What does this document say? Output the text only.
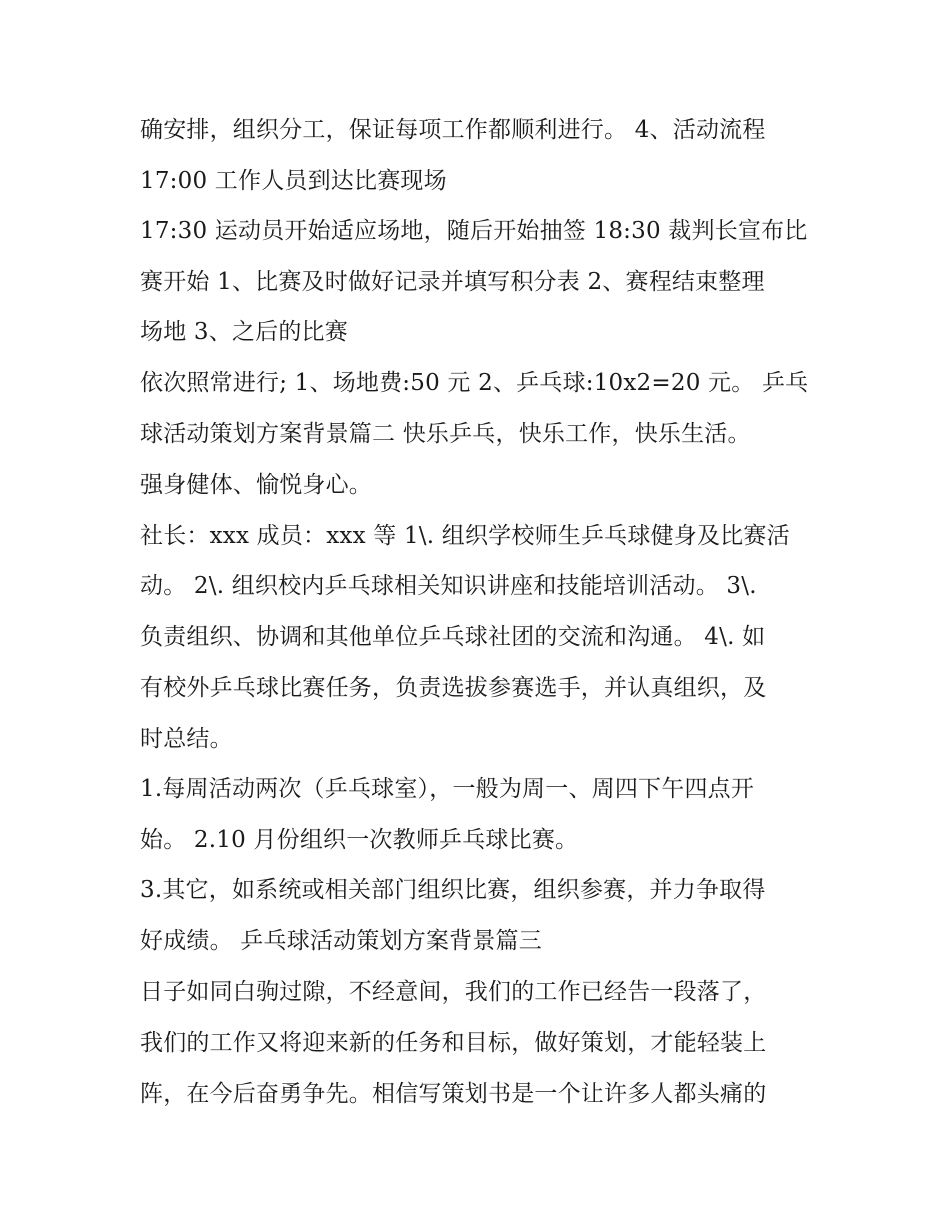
确安排，组织分工，保证每项工作都顺利进行。 4、活动流程
17:00 工作人员到达比赛现场
17:30 运动员开始适应场地，随后开始抽签 18:30 裁判长宣布比
赛开始 1、比赛及时做好记录并填写积分表 2、赛程结束整理
场地 3、之后的比赛
依次照常进行; 1、场地费:50 元 2、乒乓球:10x2=20 元。 乒乓
球活动策划方案背景篇二 快乐乒乓，快乐工作，快乐生活。
强身健体、愉悦身心。
社长：xxx 成员：xxx 等 1\. 组织学校师生乒乓球健身及比赛活
动。 2\. 组织校内乒乓球相关知识讲座和技能培训活动。 3\.
负责组织、协调和其他单位乒乓球社团的交流和沟通。 4\. 如
有校外乒乓球比赛任务，负责选拔参赛选手，并认真组织，及
时总结。
1.每周活动两次（乒乓球室），一般为周一、周四下午四点开
始。 2.10 月份组织一次教师乒乓球比赛。
3.其它，如系统或相关部门组织比赛，组织参赛，并力争取得
好成绩。 乒乓球活动策划方案背景篇三
日子如同白驹过隙，不经意间，我们的工作已经告一段落了，
我们的工作又将迎来新的任务和目标，做好策划，才能轻装上
阵，在今后奋勇争先。相信写策划书是一个让许多人都头痛的
